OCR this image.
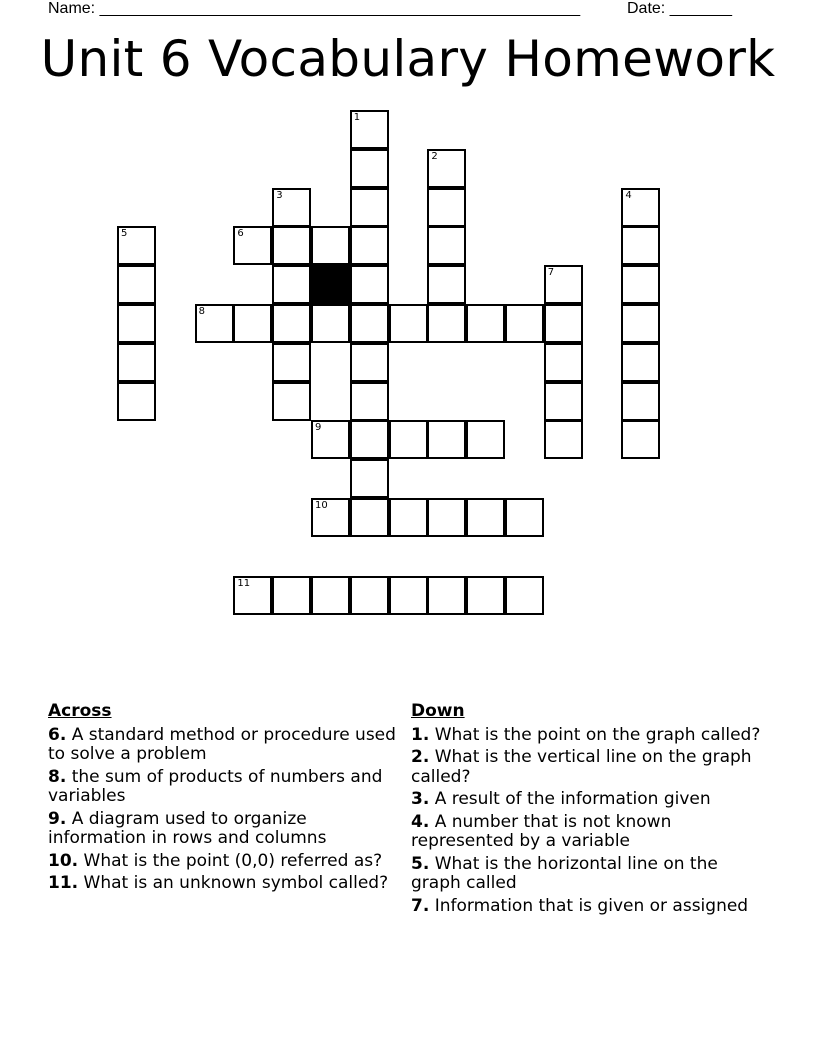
Name: ______________________________________________________	Date: _______
Unit 6 Vocabulary Homework
1
2
3	4
5	6
7
8
9
10
11
Across
6. A standard method or procedure used to solve a problem
8. the sum of products of numbers and variables
9. A diagram used to organize information in rows and columns
10. What is the point (0,0) referred as?
11. What is an unknown symbol called?
Down
1. What is the point on the graph called?
2. What is the vertical line on the graph called?
3. A result of the information given
4. A number that is not known represented by a variable
5. What is the horizontal line on the graph called
7. Information that is given or assigned
